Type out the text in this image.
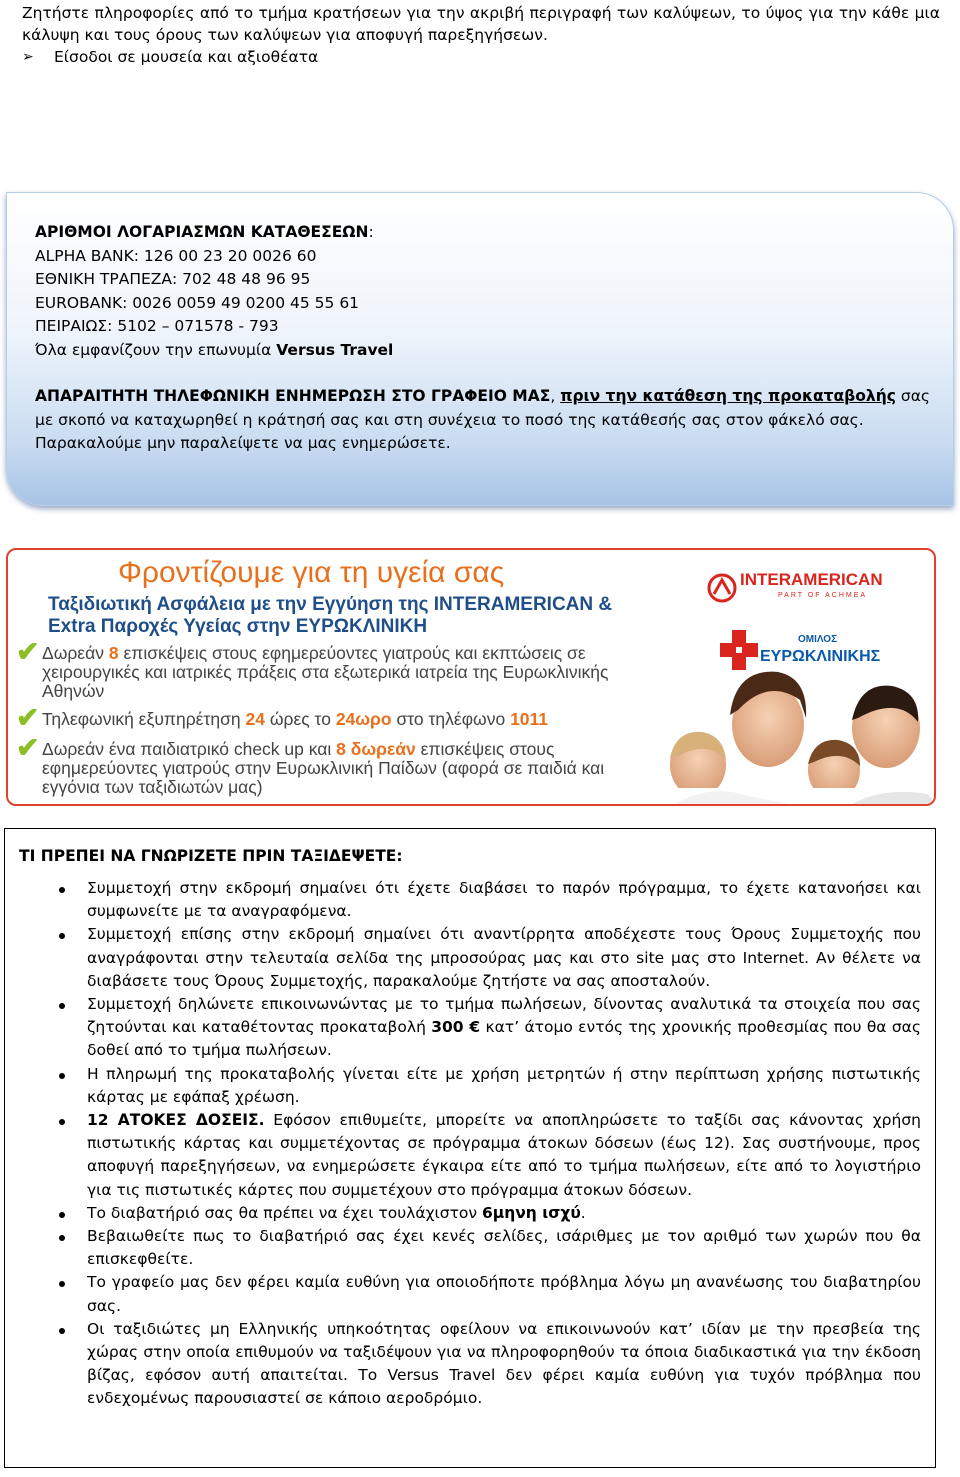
Ζητήστε πληροφορίες από το τμήμα κρατήσεων για την ακριβή περιγραφή των καλύψεων, το ύψος για την κάθε μια κάλυψη και τους όρους των καλύψεων για αποφυγή παρεξηγήσεων.

➢ Είσοδοι σε μουσεία και αξιοθέατα

ΑΡΙΘΜΟΙ ΛΟΓΑΡΙΑΣΜΩΝ ΚΑΤΑΘΕΣΕΩΝ:

ALPHA BANK: 126 00 23 20 0026 60

ΕΘΝΙΚΗ ΤΡΑΠΕΖΑ: 702 48 48 96 95

EUROBANK: 0026 0059 49 0200 45 55 61

ΠΕΙΡΑΙΩΣ: 5102 – 071578 - 793

Όλα εμφανίζουν την επωνυμία Versus Travel

ΑΠΑΡΑΙΤΗΤΗ ΤΗΛΕΦΩΝΙΚΗ ΕΝΗΜΕΡΩΣΗ ΣΤΟ ΓΡΑΦΕΙΟ ΜΑΣ, πριν την κατάθεση της προκαταβολής σας με σκοπό να καταχωρηθεί η κράτησή σας και στη συνέχεια το ποσό της κατάθεσής σας στον φάκελό σας.

Παρακαλούμε μην παραλείψετε να μας ενημερώσετε.

Φροντίζουμε για τη υγεία σας
Ταξιδιωτική Ασφάλεια με την Εγγύηση της INTERAMERICAN &
Extra Παροχές Υγείας στην ΕΥΡΩΚΛΙΝΙΚΗ
✔ Δωρεάν 8 επισκέψεις στους εφημερεύοντες γιατρούς και εκπτώσεις σε χειρουργικές και ιατρικές πράξεις στα εξωτερικά ιατρεία της Ευρωκλινικής Αθηνών
✔ Τηλεφωνική εξυπηρέτηση 24 ώρες το 24ωρο στο τηλέφωνο 1011
✔ Δωρεάν ένα παιδιατρικό check up και 8 δωρεάν επισκέψεις στους εφημερεύοντες γιατρούς στην Ευρωκλινική Παίδων (αφορά σε παιδιά και εγγόνια των ταξιδιωτών μας)
INTERAMERICAN
PART OF ACHMEA
ΟΜΙΛΟΣ
ΕΥΡΩΚΛΙΝΙΚΗΣ
ΤΙ ΠΡΕΠΕΙ ΝΑ ΓΝΩΡΙΖΕΤΕ ΠΡΙΝ ΤΑΞΙΔΕΨΕΤΕ:
Συμμετοχή στην εκδρομή σημαίνει ότι έχετε διαβάσει το παρόν πρόγραμμα, το έχετε κατανοήσει και συμφωνείτε με τα αναγραφόμενα.
Συμμετοχή επίσης στην εκδρομή σημαίνει ότι αναντίρρητα αποδέχεστε τους Όρους Συμμετοχής που αναγράφονται στην τελευταία σελίδα της μπροσούρας μας και στο site μας στο Internet. Αν θέλετε να διαβάσετε τους Όρους Συμμετοχής, παρακαλούμε ζητήστε να σας αποσταλούν.
Συμμετοχή δηλώνετε επικοινωνώντας με το τμήμα πωλήσεων, δίνοντας αναλυτικά τα στοιχεία που σας ζητούνται και καταθέτοντας προκαταβολή 300 € κατ’ άτομο εντός της χρονικής προθεσμίας που θα σας δοθεί από το τμήμα πωλήσεων.
Η πληρωμή της προκαταβολής γίνεται είτε με χρήση μετρητών ή στην περίπτωση χρήσης πιστωτικής κάρτας με εφάπαξ χρέωση.
12 ΑΤΟΚΕΣ ΔΟΣΕΙΣ. Εφόσον επιθυμείτε, μπορείτε να αποπληρώσετε το ταξίδι σας κάνοντας χρήση πιστωτικής κάρτας και συμμετέχοντας σε πρόγραμμα άτοκων δόσεων (έως 12). Σας συστήνουμε, προς αποφυγή παρεξηγήσεων, να ενημερώσετε έγκαιρα είτε από το τμήμα πωλήσεων, είτε από το λογιστήριο για τις πιστωτικές κάρτες που συμμετέχουν στο πρόγραμμα άτοκων δόσεων.
Το διαβατήριό σας θα πρέπει να έχει τουλάχιστον 6μηνη ισχύ.
Βεβαιωθείτε πως το διαβατήριό σας έχει κενές σελίδες, ισάριθμες με τον αριθμό των χωρών που θα επισκεφθείτε.
Το γραφείο μας δεν φέρει καμία ευθύνη για οποιοδήποτε πρόβλημα λόγω μη ανανέωσης του διαβατηρίου σας.
Οι ταξιδιώτες μη Ελληνικής υπηκοότητας οφείλουν να επικοινωνούν κατ’ ιδίαν με την πρεσβεία της χώρας στην οποία επιθυμούν να ταξιδέψουν για να πληροφορηθούν τα όποια διαδικαστικά για την έκδοση βίζας, εφόσον αυτή απαιτείται. Το Versus Travel δεν φέρει καμία ευθύνη για τυχόν πρόβλημα που ενδεχομένως παρουσιαστεί σε κάποιο αεροδρόμιο.
